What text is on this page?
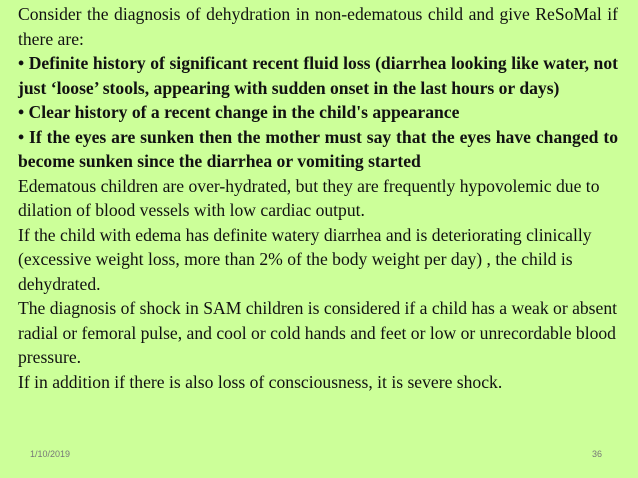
Consider the diagnosis of dehydration in non-edematous child and give ReSoMal if there are:

• Definite history of significant recent fluid loss (diarrhea looking like water, not just ‘loose’ stools, appearing with sudden onset in the last hours or days)

• Clear history of a recent change in the child's appearance

• If the eyes are sunken then the mother must say that the eyes have changed to become sunken since the diarrhea or vomiting started

Edematous children are over-hydrated, but they are frequently hypovolemic due to dilation of blood vessels with low cardiac output.

If the child with edema has definite watery diarrhea and is deteriorating clinically (excessive weight loss, more than 2% of the body weight per day) , the child is dehydrated.

The diagnosis of shock in SAM children is considered if a child has a weak or absent radial or femoral pulse, and cool or cold hands and feet or low or unrecordable blood pressure.

If in addition if there is also loss of consciousness, it is severe shock.

1/10/2019	36
